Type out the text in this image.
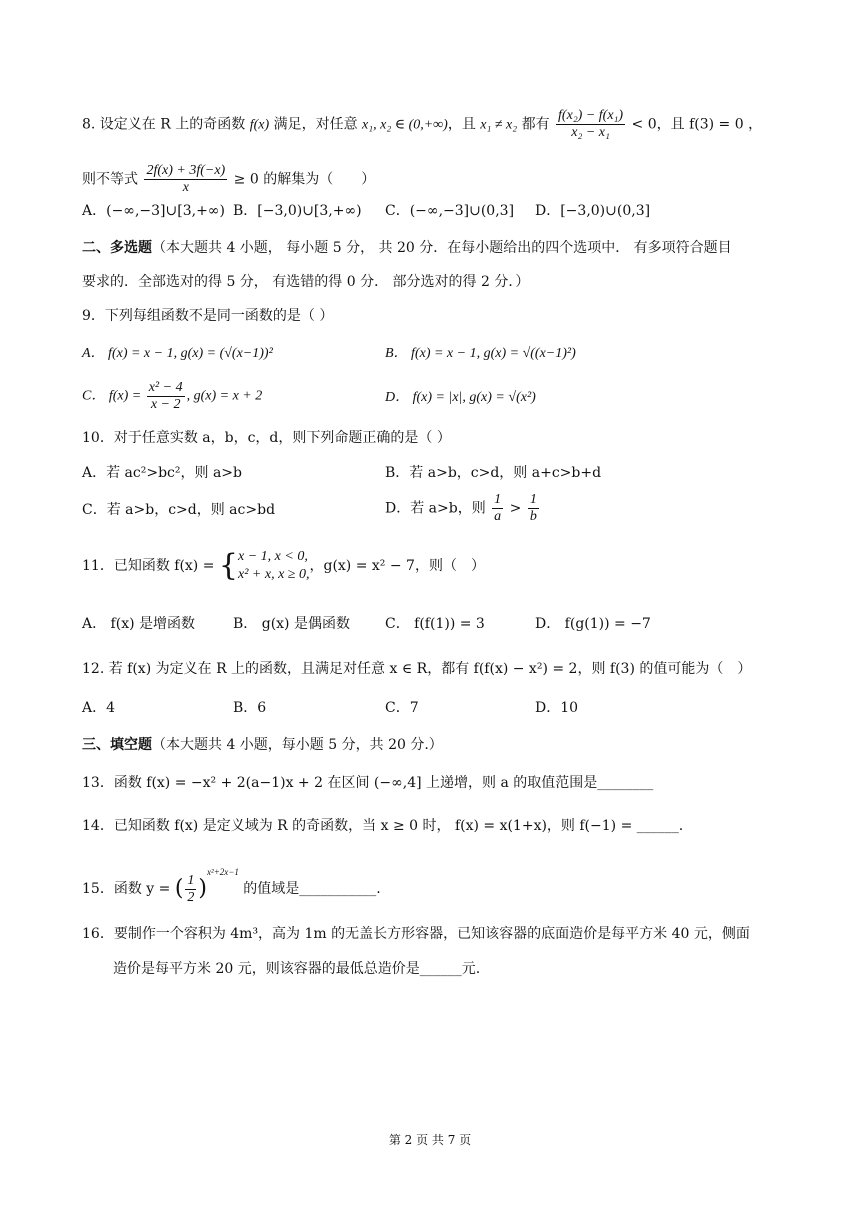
8. 设定义在 R 上的奇函数 f(x) 满足，对任意 x₁, x₂ ∈ (0,+∞)，且 x₁ ≠ x₂ 都有 $\frac{\text{f(x₂) − f(x₁)}}{\text{x₂ − x₁}} < 0$，且 f(3) = 0 ，
则不等式 $\frac{2f(x) + 3f(-x)}{x} \ge 0$ 的解集为（　　）
A．(−∞,−3]∪[3,+∞) B．[−3,0)∪[3,+∞) C．(−∞,−3]∪(0,3] D．[−3,0)∪(0,3]
二、多选题（本大题共 4 小题， 每小题 5 分， 共 20 分．在每小题给出的四个选项中． 有多项符合题目
要求的．全部选对的得 5 分， 有选错的得 0 分． 部分选对的得 2 分．）
9．下列每组函数不是同一函数的是（ ）
A． f(x) = x − 1, g(x) = (√(x−1))²	B． f(x) = x − 1, g(x) = √((x−1)²)
C． $f(x) = \frac{\text{x² − 4}}{x - 2}$ , g(x) = x + 2	D． f(x) = |x|, g(x) = √(x²)
10．对于任意实数 a，b，c，d，则下列命题正确的是（ ）
A．若 ac²>bc²，则 a>b	B．若 a>b，c>d，则 a+c>b+d
C．若 a>b，c>d，则 ac>bd	D．若 a>b，则 $\frac{1}{a} > \frac{1}{b}$
11．已知函数 f(x) = { x − 1, x < 0,
x² + x, x ≥ 0,
，g(x) = x² − 7，则（　）
A． f(x) 是增函数	B． g(x) 是偶函数	C． f(f(1)) = 3	D． f(g(1)) = −7
12. 若 f(x) 为定义在 R 上的函数，且满足对任意 x ∈ R，都有 f(f(x) − x²) = 2，则 f(3) 的值可能为（　）
A．4	B．6	C．7	D．10
三、填空题（本大题共 4 小题，每小题 5 分，共 20 分.）
13．函数 f(x) = −x² + 2(a−1)x + 2 在区间 (−∞,4] 上递增，则 a 的取值范围是________
14．已知函数 f(x) 是定义域为 R 的奇函数，当 x ≥ 0 时， f(x) = x(1+x)，则 f(−1) = ______.
15．函数 y = ( $\frac{1}{2} )^{x^2+2x-1}$ 的值域是___________.
16．要制作一个容积为 4m³，高为 1m 的无盖长方形容器，已知该容器的底面造价是每平方米 40 元，侧面
造价是每平方米 20 元，则该容器的最低总造价是______元.
第 2 页 共 7 页
